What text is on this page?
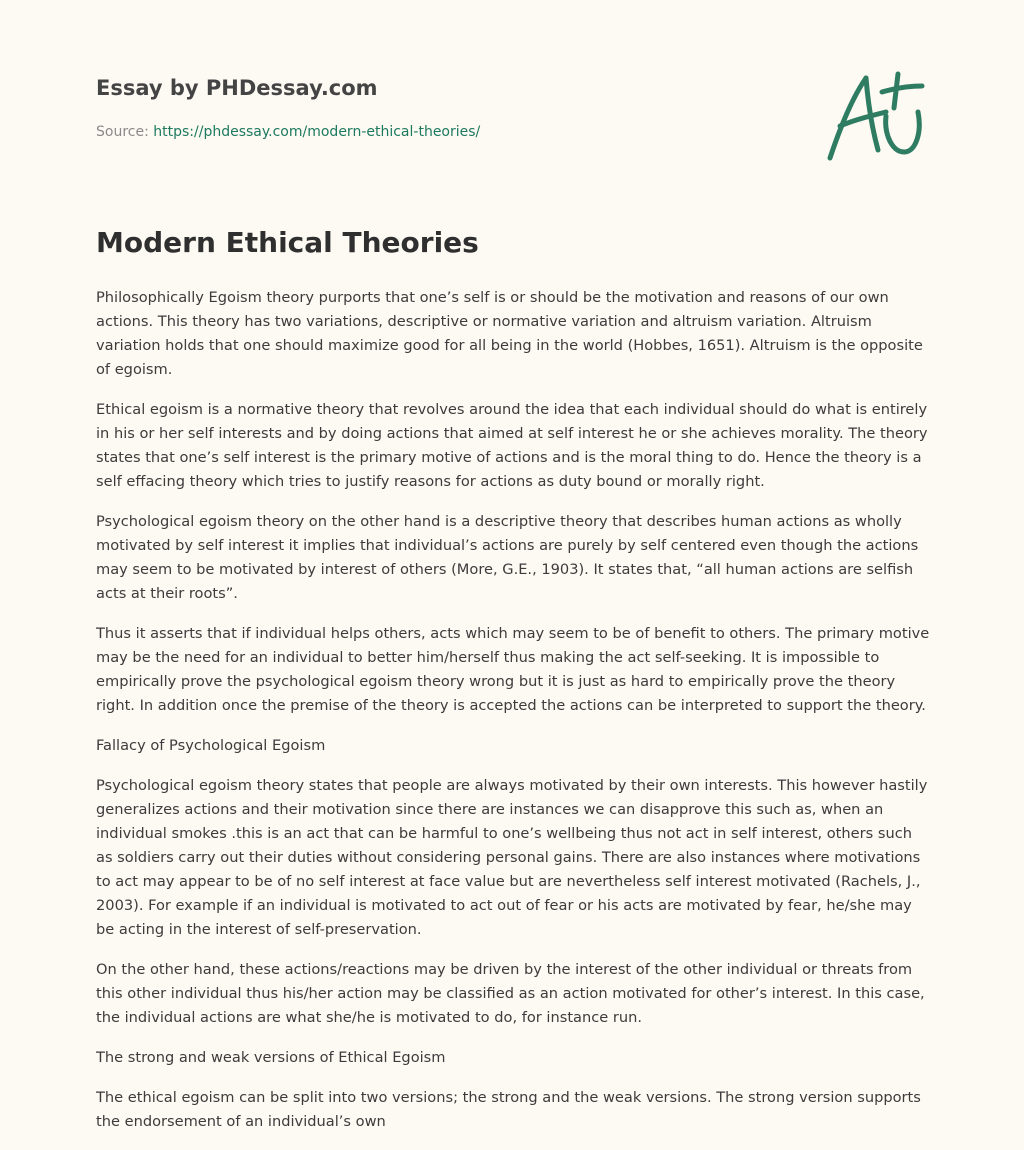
Essay by PHDessay.com
Source: https://phdessay.com/modern-ethical-theories/
Modern Ethical Theories

Philosophically Egoism theory purports that one’s self is or should be the motivation and reasons of our own actions. This theory has two variations, descriptive or normative variation and altruism variation. Altruism variation holds that one should maximize good for all being in the world (Hobbes, 1651). Altruism is the opposite of egoism.

Ethical egoism is a normative theory that revolves around the idea that each individual should do what is entirely in his or her self interests and by doing actions that aimed at self interest he or she achieves morality. The theory states that one’s self interest is the primary motive of actions and is the moral thing to do. Hence the theory is a self effacing theory which tries to justify reasons for actions as duty bound or morally right.

Psychological egoism theory on the other hand is a descriptive theory that describes human actions as wholly motivated by self interest it implies that individual’s actions are purely by self centered even though the actions may seem to be motivated by interest of others (More, G.E., 1903). It states that, “all human actions are selfish acts at their roots”.

Thus it asserts that if individual helps others, acts which may seem to be of benefit to others. The primary motive may be the need for an individual to better him/herself thus making the act self-seeking. It is impossible to empirically prove the psychological egoism theory wrong but it is just as hard to empirically prove the theory right. In addition once the premise of the theory is accepted the actions can be interpreted to support the theory.

Fallacy of Psychological Egoism

Psychological egoism theory states that people are always motivated by their own interests. This however hastily generalizes actions and their motivation since there are instances we can disapprove this such as, when an individual smokes .this is an act that can be harmful to one’s wellbeing thus not act in self interest, others such as soldiers carry out their duties without considering personal gains. There are also instances where motivations to act may appear to be of no self interest at face value but are nevertheless self interest motivated (Rachels, J., 2003). For example if an individual is motivated to act out of fear or his acts are motivated by fear, he/she may be acting in the interest of self-preservation.

On the other hand, these actions/reactions may be driven by the interest of the other individual or threats from this other individual thus his/her action may be classified as an action motivated for other’s interest. In this case, the individual actions are what she/he is motivated to do, for instance run.

The strong and weak versions of Ethical Egoism

The ethical egoism can be split into two versions; the strong and the weak versions. The strong version supports the endorsement of an individual’s own
